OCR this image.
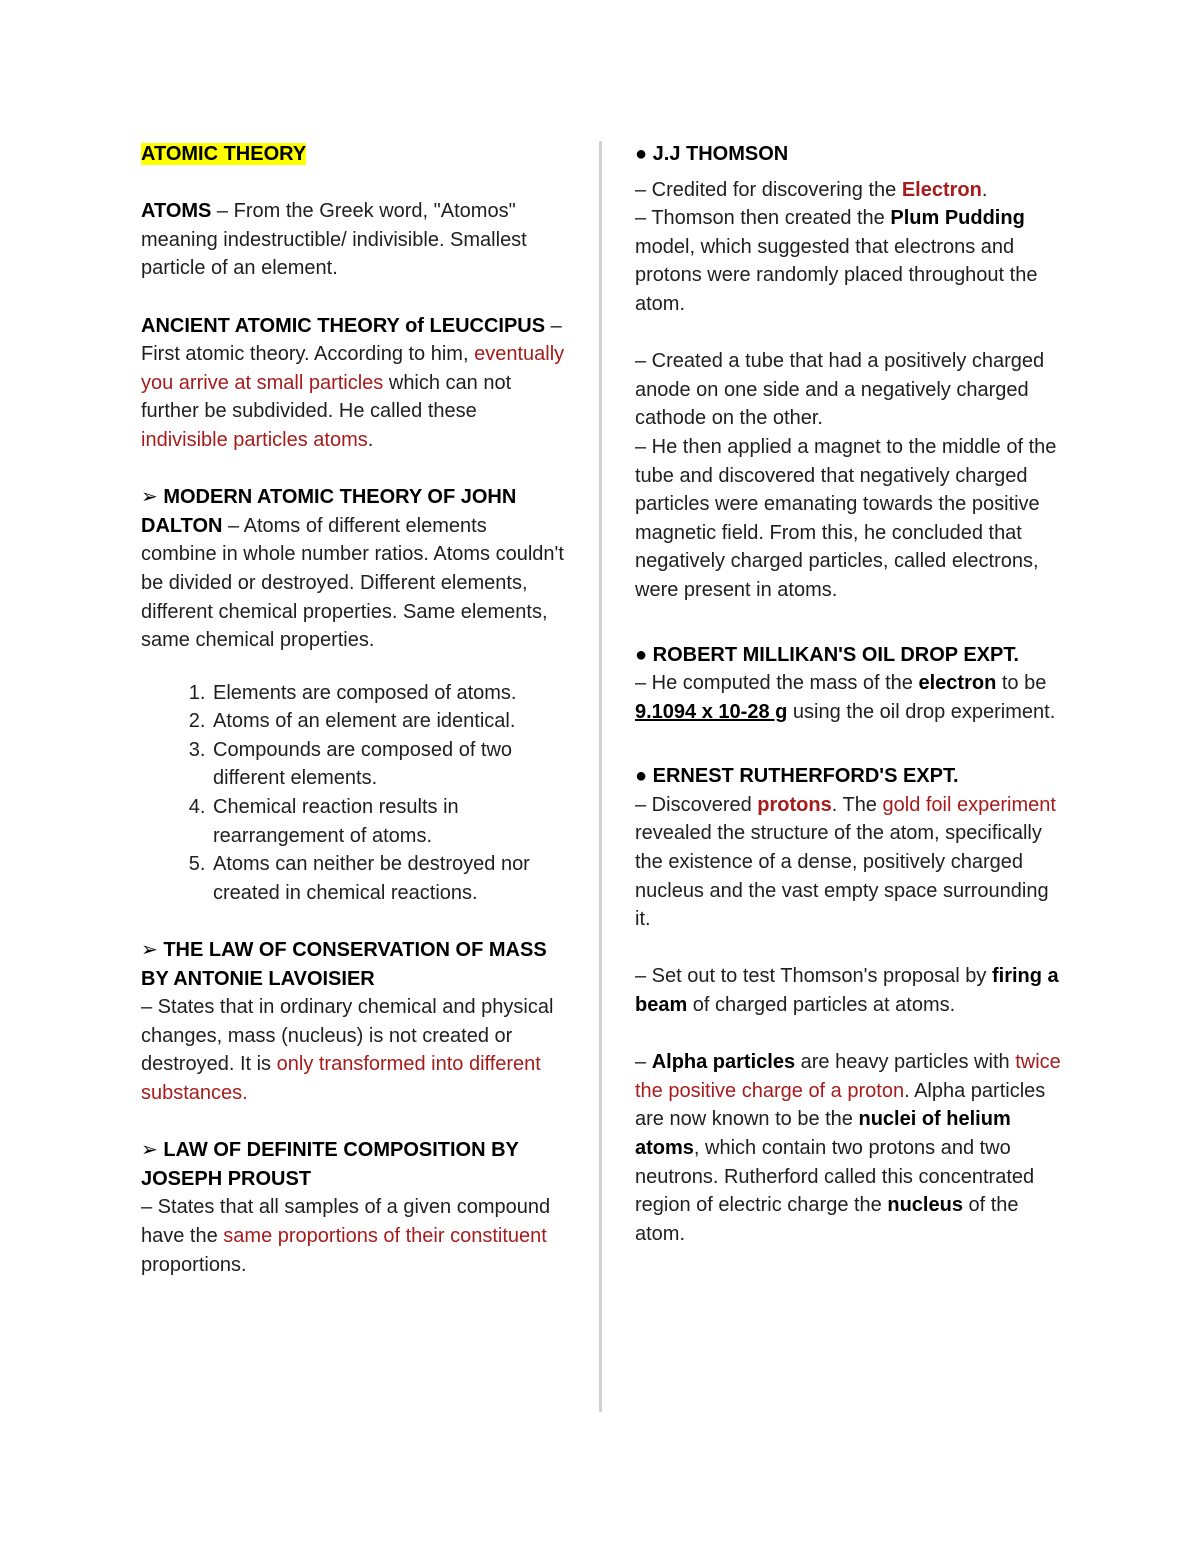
ATOMIC THEORY

ATOMS – From the Greek word, "Atomos" meaning indestructible/ indivisible. Smallest particle of an element.

ANCIENT ATOMIC THEORY of LEUCCIPUS – First atomic theory. According to him, eventually you arrive at small particles which can not further be subdivided. He called these indivisible particles atoms.

➢ MODERN ATOMIC THEORY OF JOHN DALTON – Atoms of different elements combine in whole number ratios. Atoms couldn't be divided or destroyed. Different elements, different chemical properties. Same elements, same chemical properties.

1. Elements are composed of atoms.
2. Atoms of an element are identical.
3. Compounds are composed of two different elements.
4. Chemical reaction results in rearrangement of atoms.
5. Atoms can neither be destroyed nor created in chemical reactions.

➢ THE LAW OF CONSERVATION OF MASS BY ANTONIE LAVOISIER

– States that in ordinary chemical and physical changes, mass (nucleus) is not created or destroyed. It is only transformed into different substances.

➢ LAW OF DEFINITE COMPOSITION BY JOSEPH PROUST

– States that all samples of a given compound have the same proportions of their constituent proportions.

● J.J THOMSON

– Credited for discovering the Electron.

– Thomson then created the Plum Pudding model, which suggested that electrons and protons were randomly placed throughout the atom.

– Created a tube that had a positively charged anode on one side and a negatively charged cathode on the other.

– He then applied a magnet to the middle of the tube and discovered that negatively charged particles were emanating towards the positive magnetic field. From this, he concluded that negatively charged particles, called electrons, were present in atoms.

● ROBERT MILLIKAN'S OIL DROP EXPT.

– He computed the mass of the electron to be 9.1094 x 10-28 g using the oil drop experiment.

● ERNEST RUTHERFORD'S EXPT.

– Discovered protons. The gold foil experiment revealed the structure of the atom, specifically the existence of a dense, positively charged nucleus and the vast empty space surrounding it.

– Set out to test Thomson's proposal by firing a beam of charged particles at atoms.

– Alpha particles are heavy particles with twice the positive charge of a proton. Alpha particles are now known to be the nuclei of helium atoms, which contain two protons and two neutrons. Rutherford called this concentrated region of electric charge the nucleus of the atom.
